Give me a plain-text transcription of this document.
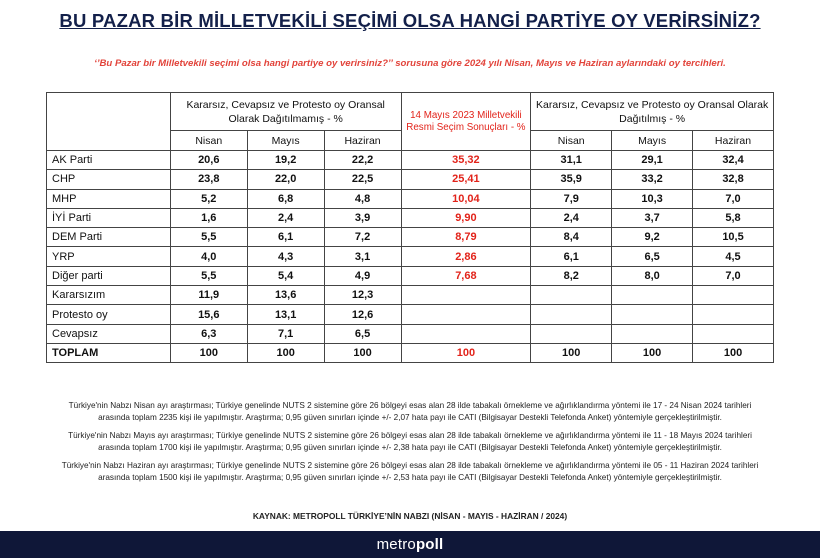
BU PAZAR BİR MİLLETVEKİLİ SEÇİMİ OLSA HANGİ PARTİYE OY VERİRSİNİZ?
‘’Bu Pazar bir Milletvekili seçimi olsa hangi partiye oy verirsiniz?’’ sorusuna göre 2024 yılı Nisan, Mayıs ve Haziran aylarındaki oy tercihleri.
	Kararsız, Cevapsız ve Protesto oy Oransal Olarak Dağıtılmamış - %			14 Mayıs 2023 Milletvekili Resmi Seçim Sonuçları - %	Kararsız, Cevapsız ve Protesto oy Oransal Olarak Dağıtılmış - %		
	Nisan	Mayıs	Haziran		Nisan	Mayıs	Haziran
AK Parti	20,6	19,2	22,2	35,32	31,1	29,1	32,4
CHP	23,8	22,0	22,5	25,41	35,9	33,2	32,8
MHP	5,2	6,8	4,8	10,04	7,9	10,3	7,0
İYİ Parti	1,6	2,4	3,9	9,90	2,4	3,7	5,8
DEM Parti	5,5	6,1	7,2	8,79	8,4	9,2	10,5
YRP	4,0	4,3	3,1	2,86	6,1	6,5	4,5
Diğer parti	5,5	5,4	4,9	7,68	8,2	8,0	7,0
Kararsızım	11,9	13,6	12,3				
Protesto oy	15,6	13,1	12,6				
Cevapsız	6,3	7,1	6,5				
TOPLAM	100	100	100	100	100	100	100

Türkiye'nin Nabzı Nisan ayı araştırması; Türkiye genelinde NUTS 2 sistemine göre 26 bölgeyi esas alan 28 ilde tabakalı örnekleme ve ağırlıklandırma yöntemi ile 17 - 24 Nisan 2024 tarihleri arasında toplam 2235 kişi ile yapılmıştır. Araştırma; 0,95 güven sınırları içinde +/- 2,07 hata payı ile CATI (Bilgisayar Destekli Telefonda Anket) yöntemiyle gerçekleştirilmiştir.

Türkiye'nin Nabzı Mayıs ayı araştırması; Türkiye genelinde NUTS 2 sistemine göre 26 bölgeyi esas alan 28 ilde tabakalı örnekleme ve ağırlıklandırma yöntemi ile 11 - 18 Mayıs 2024 tarihleri arasında toplam 1700 kişi ile yapılmıştır. Araştırma; 0,95 güven sınırları içinde +/- 2,38 hata payı ile CATI (Bilgisayar Destekli Telefonda Anket) yöntemiyle gerçekleştirilmiştir.

Türkiye'nin Nabzı Haziran ayı araştırması; Türkiye genelinde NUTS 2 sistemine göre 26 bölgeyi esas alan 28 ilde tabakalı örnekleme ve ağırlıklandırma yöntemi ile 05 - 11 Haziran 2024 tarihleri arasında toplam 1500 kişi ile yapılmıştır. Araştırma; 0,95 güven sınırları içinde +/- 2,53 hata payı ile CATI (Bilgisayar Destekli Telefonda Anket) yöntemiyle gerçekleştirilmiştir.

KAYNAK: METROPOLL TÜRKİYE’NİN NABZI (NİSAN - MAYIS - HAZİRAN / 2024)
metropoll
